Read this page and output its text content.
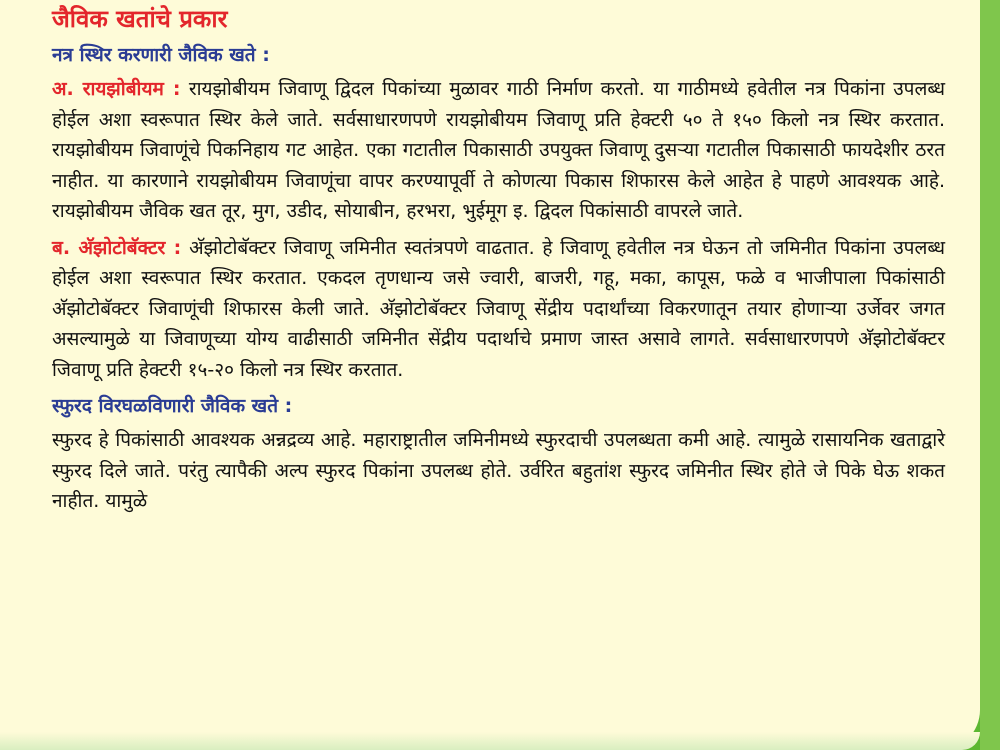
जैविक खतांचे प्रकार
नत्र स्थिर करणारी जैविक खते :

अ. रायझोबीयम : रायझोबीयम जिवाणू द्विदल पिकांच्या मुळावर गाठी निर्माण करतो. या गाठीमध्ये हवेतील नत्र पिकांना उपलब्ध होईल अशा स्वरूपात स्थिर केले जाते. सर्वसाधारणपणे रायझोबीयम जिवाणू प्रति हेक्टरी ५० ते १५० किलो नत्र स्थिर करतात. रायझोबीयम जिवाणूंचे पिकनिहाय गट आहेत. एका गटातील पिकासाठी उपयुक्त जिवाणू दुसऱ्या गटातील पिकासाठी फायदेशीर ठरत नाहीत. या कारणाने रायझोबीयम जिवाणूंचा वापर करण्यापूर्वी ते कोणत्या पिकास शिफारस केले आहेत हे पाहणे आवश्यक आहे. रायझोबीयम जैविक खत तूर, मुग, उडीद, सोयाबीन, हरभरा, भुईमूग इ. द्विदल पिकांसाठी वापरले जाते.

ब. अ‍ॅझोटोबॅक्टर : अ‍ॅझोटोबॅक्टर जिवाणू जमिनीत स्वतंत्रपणे वाढतात. हे जिवाणू हवेतील नत्र घेऊन तो जमिनीत पिकांना उपलब्ध होईल अशा स्वरूपात स्थिर करतात. एकदल तृणधान्य जसे ज्वारी, बाजरी, गहू, मका, कापूस, फळे व भाजीपाला पिकांसाठी अ‍ॅझोटोबॅक्टर जिवाणूंची शिफारस केली जाते. अ‍ॅझोटोबॅक्टर जिवाणू सेंद्रीय पदार्थांच्या विकरणातून तयार होणाऱ्या उर्जेवर जगत असल्यामुळे या जिवाणूच्या योग्य वाढीसाठी जमिनीत सेंद्रीय पदार्थाचे प्रमाण जास्त असावे लागते. सर्वसाधारणपणे अ‍ॅझोटोबॅक्टर जिवाणू प्रति हेक्टरी १५-२० किलो नत्र स्थिर करतात.

स्फुरद विरघळविणारी जैविक खते :

स्फुरद हे पिकांसाठी आवश्यक अन्नद्रव्य आहे. महाराष्ट्रातील जमिनीमध्ये स्फुरदाची उपलब्धता कमी आहे. त्यामुळे रासायनिक खताद्वारे स्फुरद दिले जाते. परंतु त्यापैकी अल्प स्फुरद पिकांना उपलब्ध होते. उर्वरित बहुतांश स्फुरद जमिनीत स्थिर होते जे पिके घेऊ शकत नाहीत. यामुळे
